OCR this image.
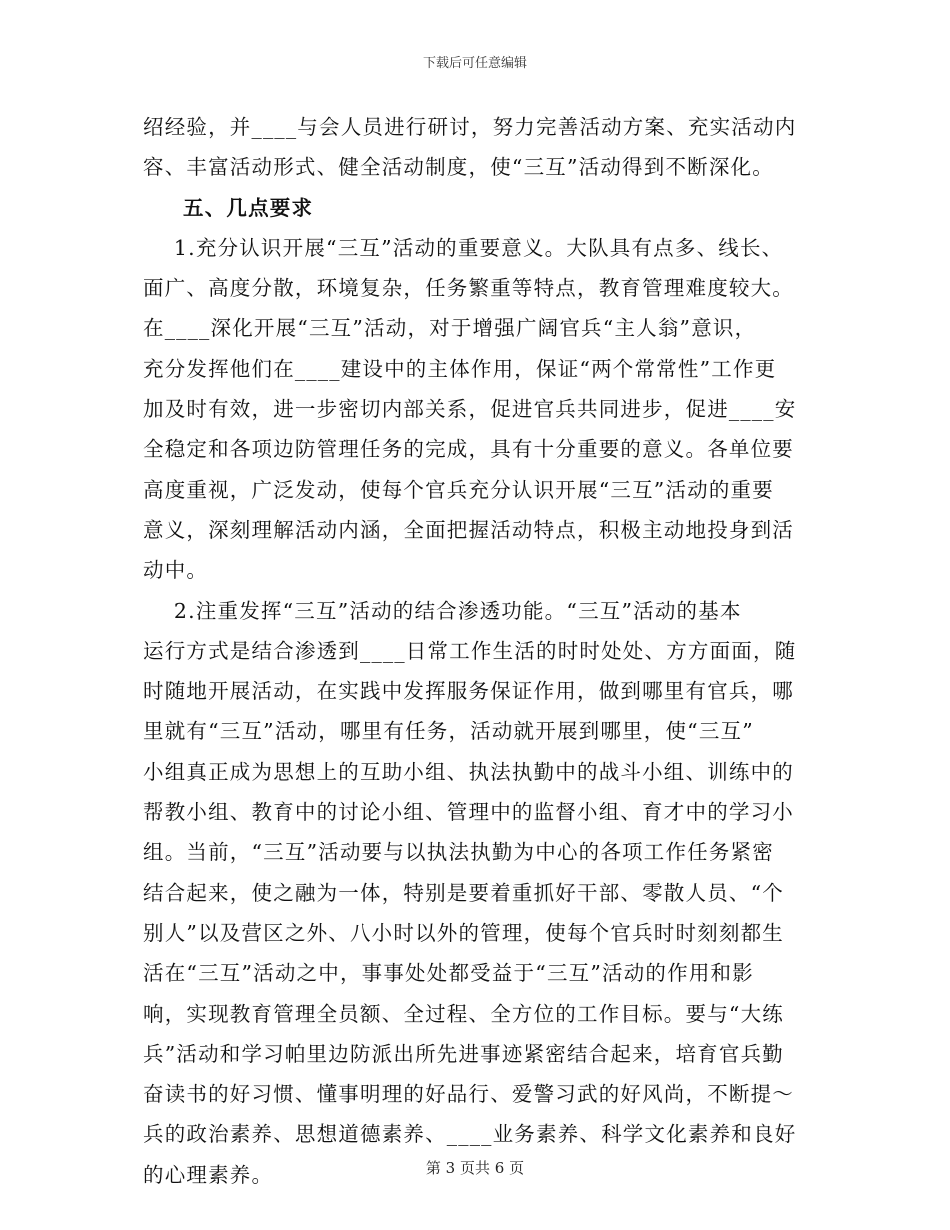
下载后可任意编辑
绍经验，并____与会人员进行研讨，努力完善活动方案、充实活动内
容、丰富活动形式、健全活动制度，使“三互”活动得到不断深化。
五、几点要求
1.充分认识开展“三互”活动的重要意义。大队具有点多、线长、
面广、高度分散，环境复杂，任务繁重等特点，教育管理难度较大。
在____深化开展“三互”活动，对于增强广阔官兵“主人翁”意识，
充分发挥他们在____建设中的主体作用，保证“两个常常性”工作更
加及时有效，进一步密切内部关系，促进官兵共同进步，促进____安
全稳定和各项边防管理任务的完成，具有十分重要的意义。各单位要
高度重视，广泛发动，使每个官兵充分认识开展“三互”活动的重要
意义，深刻理解活动内涵，全面把握活动特点，积极主动地投身到活
动中。
2.注重发挥“三互”活动的结合渗透功能。“三互”活动的基本
运行方式是结合渗透到____日常工作生活的时时处处、方方面面，随
时随地开展活动，在实践中发挥服务保证作用，做到哪里有官兵，哪
里就有“三互”活动，哪里有任务，活动就开展到哪里，使“三互”
小组真正成为思想上的互助小组、执法执勤中的战斗小组、训练中的
帮教小组、教育中的讨论小组、管理中的监督小组、育才中的学习小
组。当前，“三互”活动要与以执法执勤为中心的各项工作任务紧密
结合起来，使之融为一体，特别是要着重抓好干部、零散人员、“个
别人”以及营区之外、八小时以外的管理，使每个官兵时时刻刻都生
活在“三互”活动之中，事事处处都受益于“三互”活动的作用和影
响，实现教育管理全员额、全过程、全方位的工作目标。要与“大练
兵”活动和学习帕里边防派出所先进事迹紧密结合起来，培育官兵勤
奋读书的好习惯、懂事明理的好品行、爱警习武的好风尚，不断提～
兵的政治素养、思想道德素养、____业务素养、科学文化素养和良好
的心理素养。	第 3 页共 6 页
